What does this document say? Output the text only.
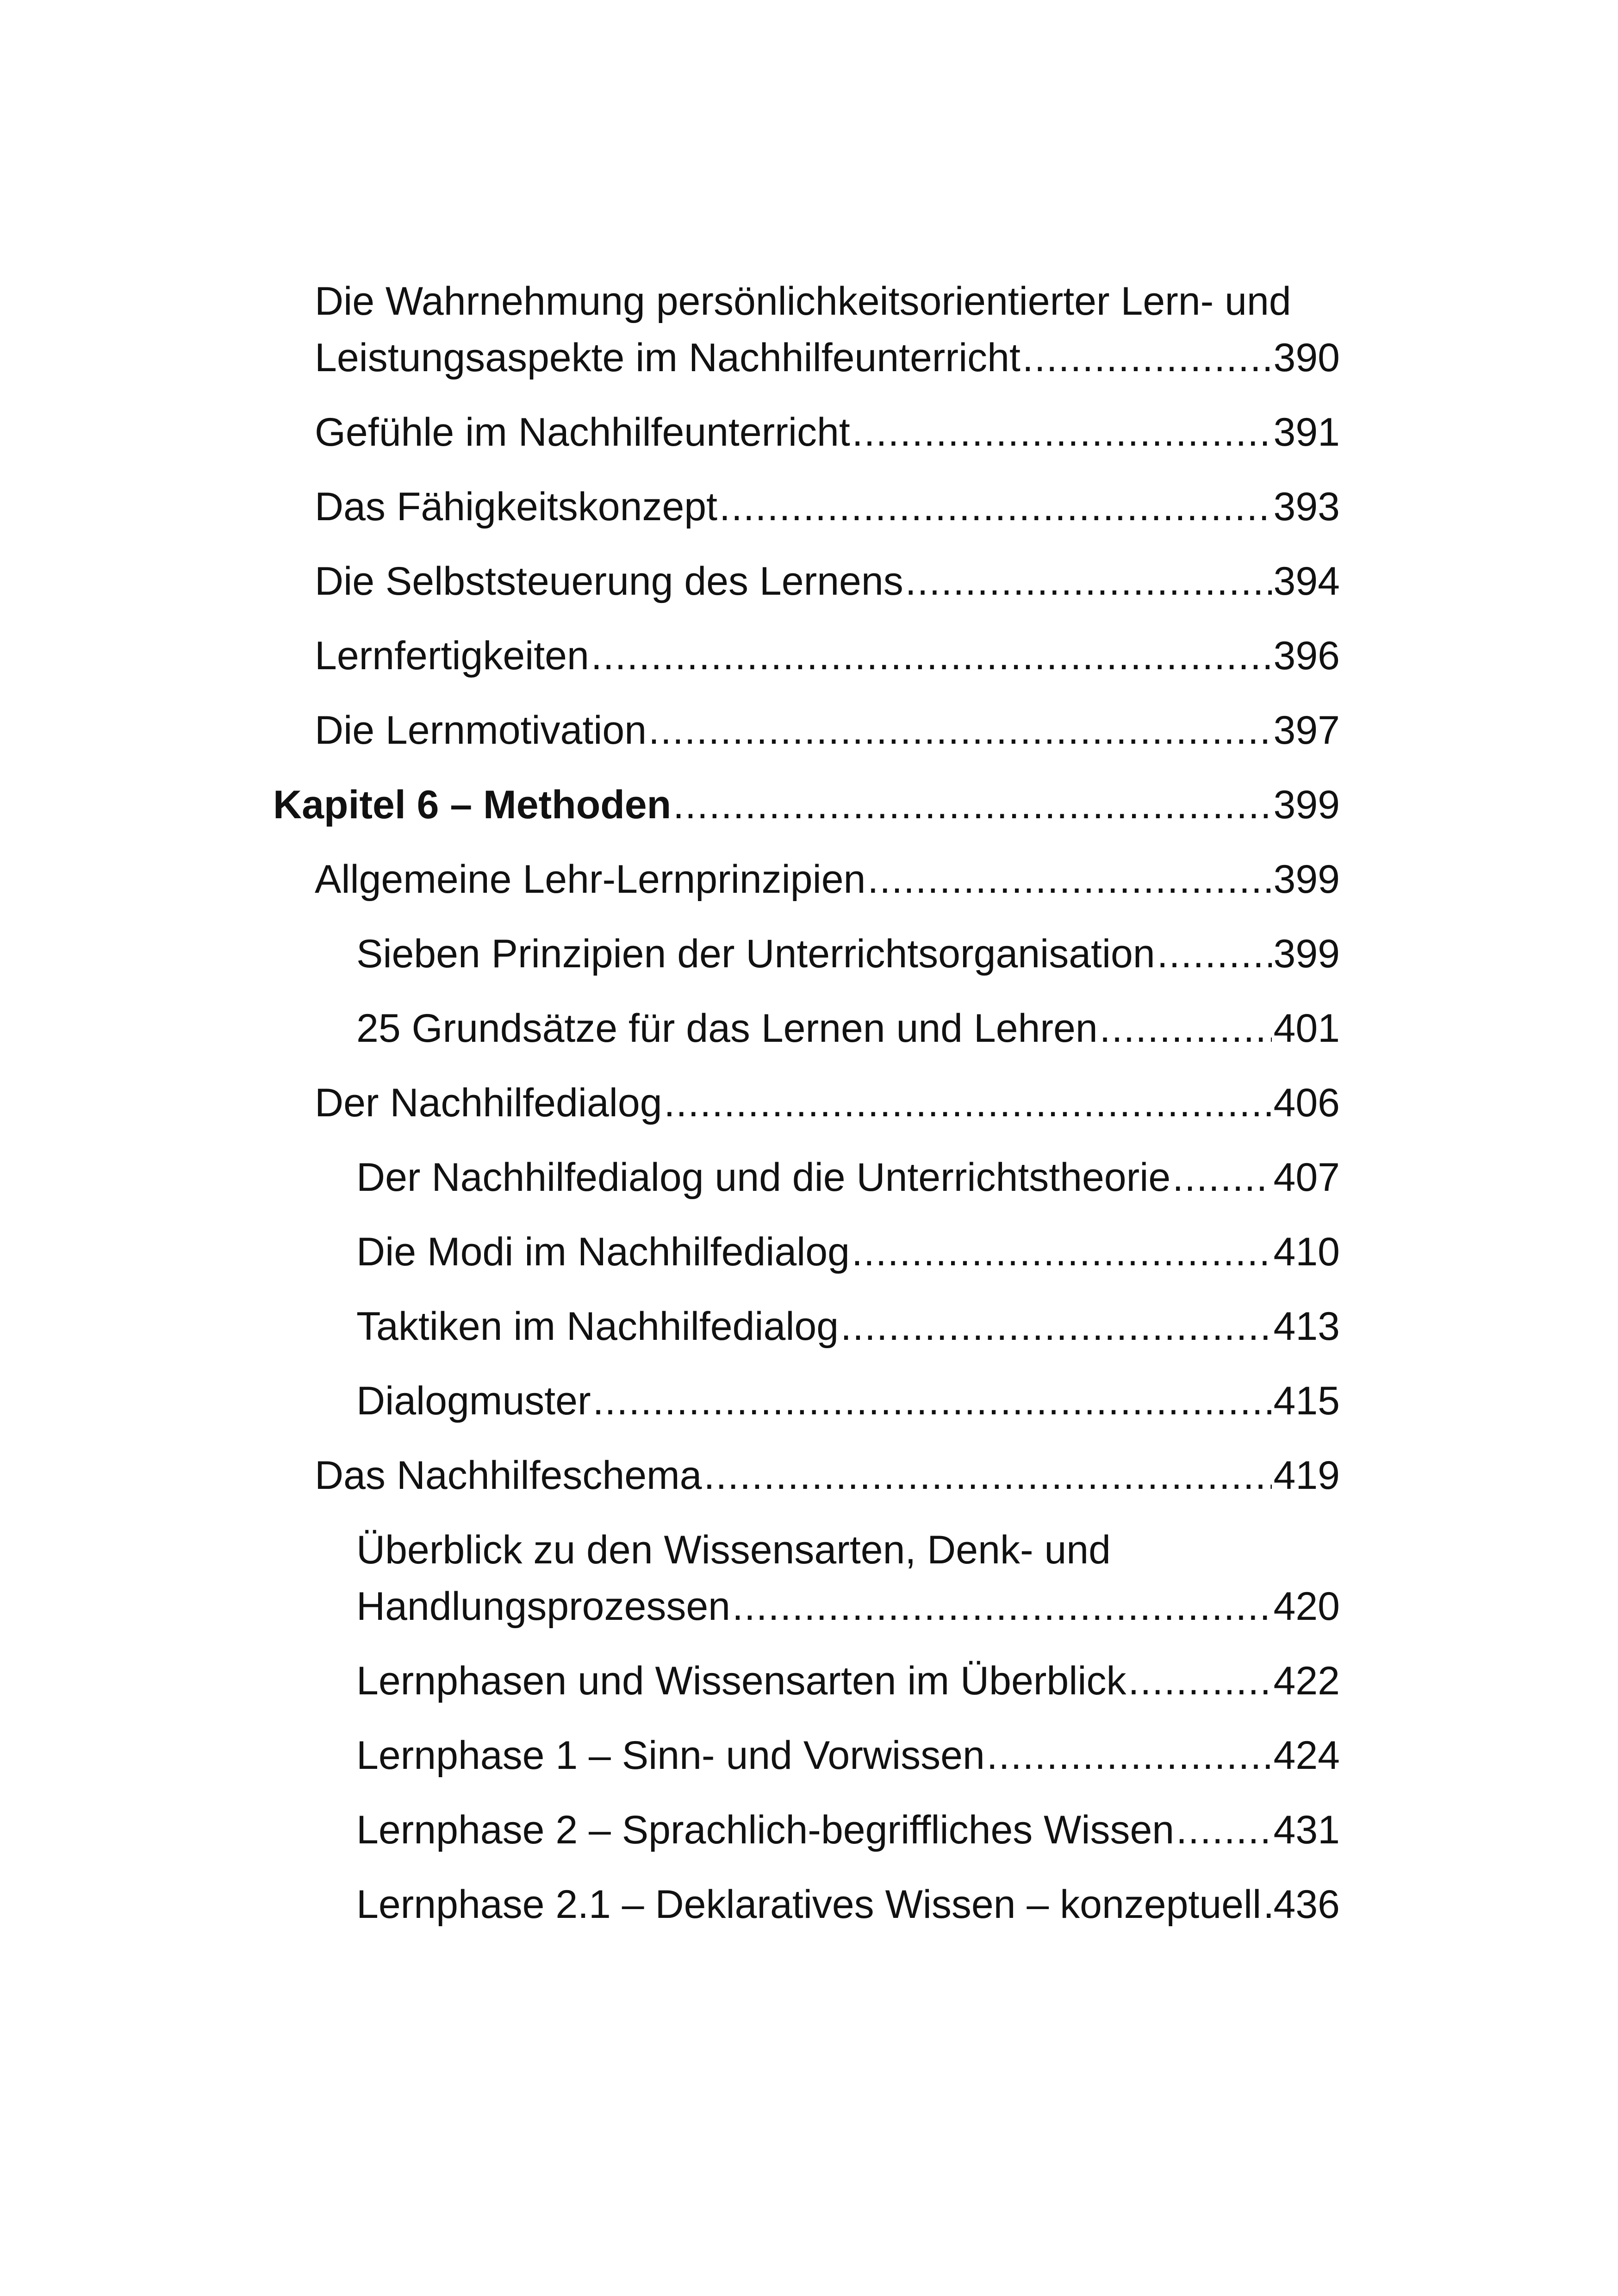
Die Wahrnehmung persönlichkeitsorientierter Lern- und
Leistungsaspekte im Nachhilfeunterricht .....	390
Gefühle im Nachhilfeunterricht .....	391
Das Fähigkeitskonzept .....	393
Die Selbststeuerung des Lernens .....	394
Lernfertigkeiten .....	396
Die Lernmotivation .....	397
Kapitel 6 – Methoden .....	399
Allgemeine Lehr-Lernprinzipien .....	399
Sieben Prinzipien der Unterrichtsorganisation .....	399
25 Grundsätze für das Lernen und Lehren .....	401
Der Nachhilfedialog .....	406
Der Nachhilfedialog und die Unterrichtstheorie .....	407
Die Modi im Nachhilfedialog .....	410
Taktiken im Nachhilfedialog .....	413
Dialogmuster .....	415
Das Nachhilfeschema .....	419
Überblick zu den Wissensarten, Denk- und
Handlungsprozessen .....	420
Lernphasen und Wissensarten im Überblick .....	422
Lernphase 1 – Sinn- und Vorwissen .....	424
Lernphase 2 – Sprachlich-begriffliches Wissen ..... 431
Lernphase 2.1 – Deklaratives Wissen – konzeptuell ..... 436
